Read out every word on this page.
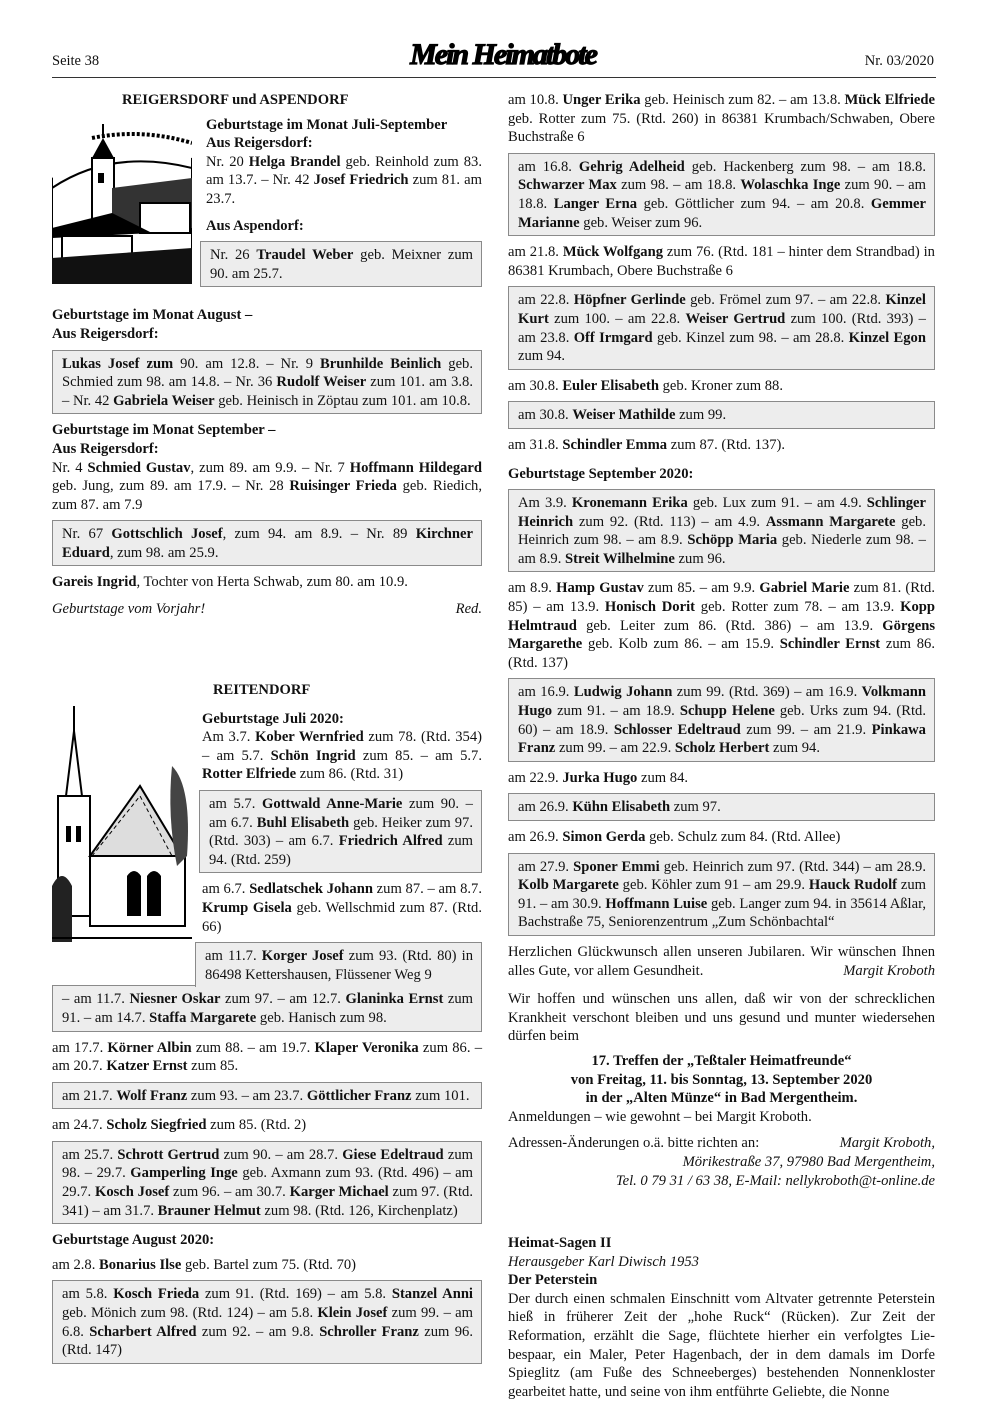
Seite 38	Mein Heimatbote	Nr. 03/2020
REIGERSDORF und ASPENDORF
Geburtstage im Monat Juli-September
Aus Reigersdorf:

Nr. 20 Helga Brandel geb. Reinhold zum 83. am 13.7. – Nr. 42 Josef Friedrich zum 81. am 23.7.

Aus Aspendorf:
Nr. 26 Traudel Weber geb. Meixner zum 90. am 25.7.
Geburtstage im Monat August –
Aus Reigersdorf:
Lukas Josef zum 90. am 12.8. – Nr. 9 Brunhilde Beinlich geb. Schmied zum 98. am 14.8. – Nr. 36 Rudolf Weiser zum 101. am 3.8. – Nr. 42 Gabriela Weiser geb. Heinisch in Zöptau zum 101. am 10.8.
Geburtstage im Monat September –
Aus Reigersdorf:

Nr. 4 Schmied Gustav, zum 89. am 9.9. – Nr. 7 Hoffmann Hildegard geb. Jung, zum 89. am 17.9. – Nr. 28 Ruisinger Frieda geb. Riedich, zum 87. am 7.9

Nr. 67 Gottschlich Josef, zum 94. am 8.9. – Nr. 89 Kirchner Eduard, zum 98. am 25.9.

Gareis Ingrid, Tochter von Herta Schwab, zum 80. am 10.9.

Geburtstage vom Vorjahr!	Red.

REITENDORF
Geburtstage Juli 2020:

Am 3.7. Kober Wernfried zum 78. (Rtd. 354) – am 5.7. Schön Ingrid zum 85. – am 5.7. Rotter Elfriede zum 86. (Rtd. 31)

am 5.7. Gottwald Anne-Marie zum 90. – am 6.7. Buhl Elisabeth geb. Heiker zum 97. (Rtd. 303) – am 6.7. Friedrich Alfred zum 94. (Rtd. 259)

am 6.7. Sedlatschek Johann zum 87. – am 8.7. Krump Gisela geb. Wellschmid zum 87. (Rtd. 66)

am 11.7. Korger Josef zum 93. (Rtd. 80) in 86498 Kettershausen, Flüssener Weg 9
– am 11.7. Niesner Oskar zum 97. – am 12.7. Glaninka Ernst zum 91. – am 14.7. Staffa Margarete geb. Hanisch zum 98.

am 17.7. Körner Albin zum 88. – am 19.7. Klaper Veronika zum 86. – am 20.7. Katzer Ernst zum 85.

am 21.7. Wolf Franz zum 93. – am 23.7. Göttlicher Franz zum 101.

am 24.7. Scholz Siegfried zum 85. (Rtd. 2)

am 25.7. Schrott Gertrud zum 90. – am 28.7. Giese Edeltraud zum 98. – 29.7. Gamperling Inge geb. Axmann zum 93. (Rtd. 496) – am 29.7. Kosch Josef zum 96. – am 30.7. Karger Michael zum 97. (Rtd. 341) – am 31.7. Brauner Helmut zum 98. (Rtd. 126, Kirchenplatz)
Geburtstage August 2020:

am 2.8. Bonarius Ilse geb. Bartel zum 75. (Rtd. 70)

am 5.8. Kosch Frieda zum 91. (Rtd. 169) – am 5.8. Stanzel Anni geb. Mönich zum 98. (Rtd. 124) – am 5.8. Klein Josef zum 99. – am 6.8. Scharbert Alfred zum 92. – am 9.8. Schroller Franz zum 96. (Rtd. 147)

am 10.8. Unger Erika geb. Heinisch zum 82. – am 13.8. Mück Elfriede geb. Rotter zum 75. (Rtd. 260) in 86381 Krumbach/Schwaben, Obere Buchstraße 6

am 16.8. Gehrig Adelheid geb. Hackenberg zum 98. – am 18.8. Schwarzer Max zum 98. – am 18.8. Wolaschka Inge zum 90. – am 18.8. Langer Erna geb. Göttlicher zum 94. – am 20.8. Gemmer Marianne geb. Weiser zum 96.

am 21.8. Mück Wolfgang zum 76. (Rtd. 181 – hinter dem Strandbad) in 86381 Krumbach, Obere Buchstraße 6

am 22.8. Höpfner Gerlinde geb. Frömel zum 97. – am 22.8. Kinzel Kurt zum 100. – am 22.8. Weiser Gertrud zum 100. (Rtd. 393) – am 23.8. Off Irmgard geb. Kinzel zum 98. – am 28.8. Kinzel Egon zum 94.

am 30.8. Euler Elisabeth geb. Kroner zum 88.

am 30.8. Weiser Mathilde zum 99.

am 31.8. Schindler Emma zum 87. (Rtd. 137).

Geburtstage September 2020:
Am 3.9. Kronemann Erika geb. Lux zum 91. – am 4.9. Schlinger Heinrich zum 92. (Rtd. 113) – am 4.9. Assmann Margarete geb. Heinrich zum 98. – am 8.9. Schöpp Maria geb. Niederle zum 98. – am 8.9. Streit Wilhelmine zum 96.

am 8.9. Hamp Gustav zum 85. – am 9.9. Gabriel Marie zum 81. (Rtd. 85) – am 13.9. Honisch Dorit geb. Rotter zum 78. – am 13.9. Kopp Helmtraud geb. Leiter zum 86. (Rtd. 386) – am 13.9. Görgens Margarethe geb. Kolb zum 86. – am 15.9. Schindler Ernst zum 86. (Rtd. 137)

am 16.9. Ludwig Johann zum 99. (Rtd. 369) – am 16.9. Volkmann Hugo zum 91. – am 18.9. Schupp Helene geb. Urks zum 94. (Rtd. 60) – am 18.9. Schlosser Edeltraud zum 99. – am 21.9. Pinkawa Franz zum 99. – am 22.9. Scholz Herbert zum 94.

am 22.9. Jurka Hugo zum 84.

am 26.9. Kühn Elisabeth zum 97.

am 26.9. Simon Gerda geb. Schulz zum 84. (Rtd. Allee)

am 27.9. Sponer Emmi geb. Heinrich zum 97. (Rtd. 344) – am 28.9. Kolb Margarete geb. Köhler zum 91 – am 29.9. Hauck Rudolf zum 91. – am 30.9. Hoffmann Luise geb. Langer zum 94. in 35614 Aßlar, Bachstraße 75, Seniorenzentrum „Zum Schönbachtal“

Herzlichen Glückwunsch allen unseren Jubilaren. Wir wünschen Ihnen alles Gute, vor allem Gesundheit.	Margit Kroboth

Wir hoffen und wünschen uns allen, daß wir von der schrecklichen Krankheit verschont bleiben und uns gesund und munter wiedersehen dürfen beim

17. Treffen der „Teßtaler Heimatfreunde“
von Freitag, 11. bis Sonntag, 13. September 2020
in der „Alten Münze“ in Bad Mergentheim.

Anmeldungen – wie gewohnt – bei Margit Kroboth.

Adressen-Änderungen o.ä. bitte richten an:	Margit Kroboth,

Mörikestraße 37, 97980 Bad Mergentheim,
Tel. 0 79 31 / 63 38, E-Mail: nellykroboth@t-online.de
Heimat-Sagen II
Herausgeber Karl Diwisch 1953
Der Peterstein

Der durch einen schmalen Einschnitt vom Altvater getrennte Peterstein hieß in früherer Zeit der „hohe Ruck“ (Rücken). Zur Zeit der Reformation, erzählt die Sage, flüchtete hierher ein verfolgtes Liebespaar, ein Maler, Peter Hagenbach, der in dem damals im Dorfe Spieglitz (am Fuße des Schneeberges) bestehenden Nonnenkloster gearbeitet hatte, und seine von ihm entführte Geliebte, die Nonne
